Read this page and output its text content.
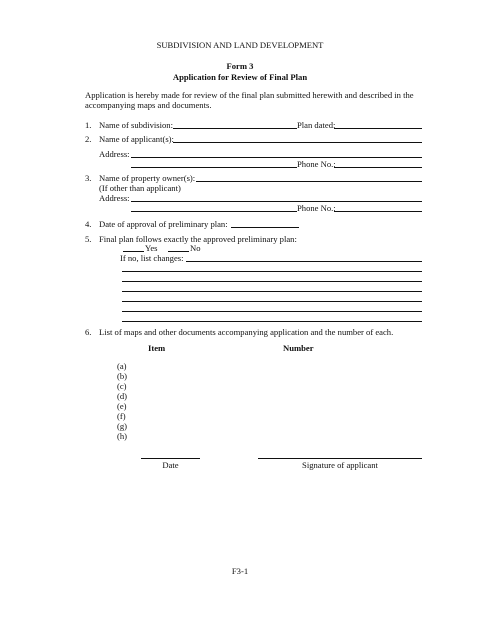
SUBDIVISION AND LAND DEVELOPMENT
Form 3
Application for Review of Final Plan
Application is hereby made for review of the final plan submitted herewith and described in the
accompanying maps and documents.
1. Name of subdivision:	Plan dated:
2. Name of applicant(s):
Address:
Phone No.:
3. Name of property owner(s):
(If other than applicant)
Address:
Phone No.:
4. Date of approval of preliminary plan:
5. Final plan follows exactly the approved preliminary plan:
Yes	No
If no, list changes:
6. List of maps and other documents accompanying application and the number of each.
Item	Number
(a)
(b)
(c)
(d)
(e)
(f)
(g)
(h)
Date	Signature of applicant
F3-1
